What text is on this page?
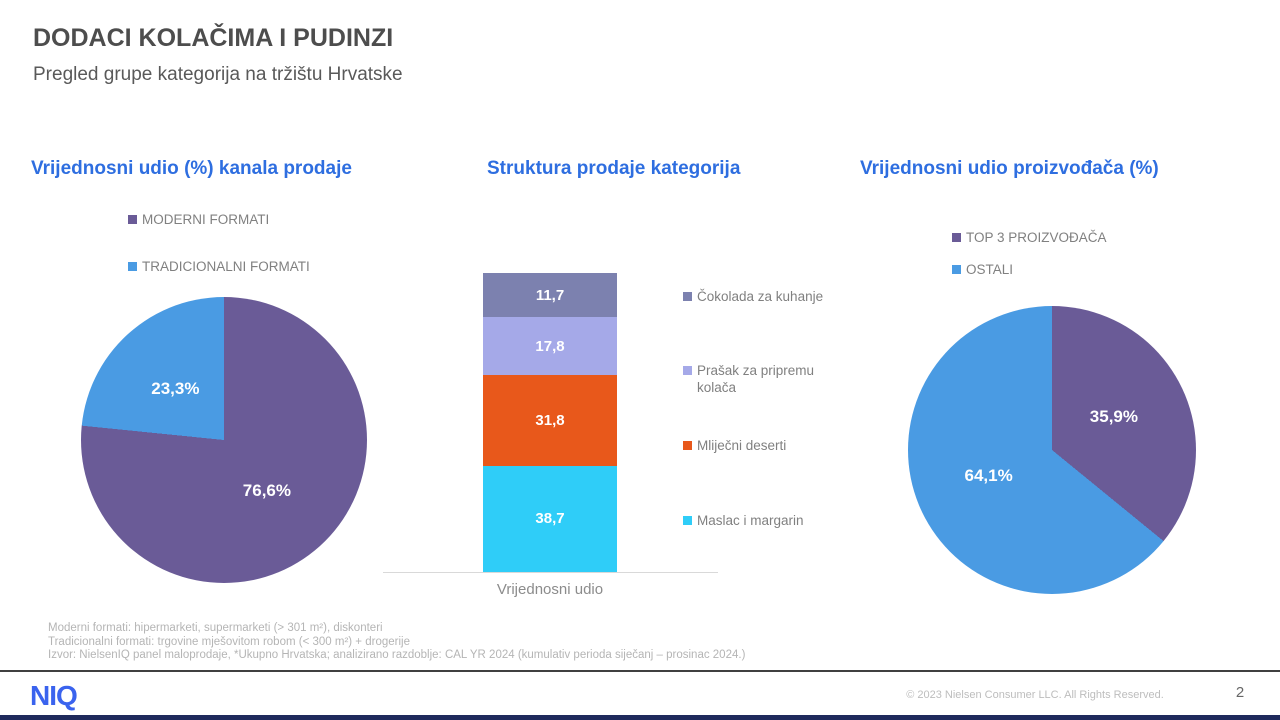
DODACI KOLAČIMA I PUDINZI
Pregled grupe kategorija na tržištu Hrvatske
Vrijednosni udio (%) kanala prodaje
MODERNI FORMATI
TRADICIONALNI FORMATI
23,3%
76,6%
Struktura prodaje kategorija
11,7
17,8
31,8
38,7
Vrijednosni udio
Čokolada za kuhanje
Prašak za pripremu kolača
Mliječni deserti
Maslac i margarin
Vrijednosni udio proizvođača (%)
TOP 3 PROIZVOĐAČA
OSTALI
35,9%
64,1%
Moderni formati: hipermarketi, supermarketi (> 301 m²), diskonteri
Tradicionalni formati: trgovine mješovitom robom (< 300 m²) + drogerije
Izvor: NielsenIQ panel maloprodaje, *Ukupno Hrvatska; analizirano razdoblje: CAL YR 2024 (kumulativ perioda siječanj – prosinac 2024.)
NIQ	© 2023 Nielsen Consumer LLC. All Rights Reserved.	2
